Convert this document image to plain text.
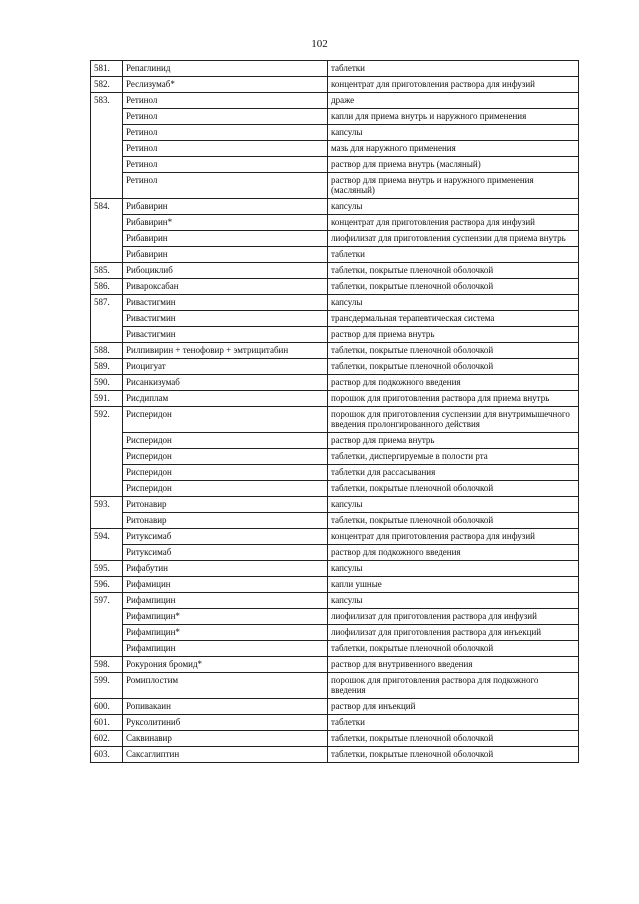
102
581.	Репаглинид	таблетки
582.	Реслизумаб*	концентрат для приготовления раствора для инфузий
583.	Ретинол	драже
	Ретинол	капли для приема внутрь и наружного применения
	Ретинол	капсулы
	Ретинол	мазь для наружного применения
	Ретинол	раствор для приема внутрь (масляный)
	Ретинол	раствор для приема внутрь и наружного применения (масляный)
584.	Рибавирин	капсулы
	Рибавирин*	концентрат для приготовления раствора для инфузий
	Рибавирин	лиофилизат для приготовления суспензии для приема внутрь
	Рибавирин	таблетки
585.	Рибоциклиб	таблетки, покрытые пленочной оболочкой
586.	Ривароксабан	таблетки, покрытые пленочной оболочкой
587.	Ривастигмин	капсулы
	Ривастигмин	трансдермальная терапевтическая система
	Ривастигмин	раствор для приема внутрь
588.	Рилпивирин + тенофовир + эмтрицитабин	таблетки, покрытые пленочной оболочкой
589.	Риоцигуат	таблетки, покрытые пленочной оболочкой
590.	Рисанкизумаб	раствор для подкожного введения
591.	Рисдиплам	порошок для приготовления раствора для приема внутрь
592.	Рисперидон	порошок для приготовления суспензии для внутримышечного введения пролонгированного действия
	Рисперидон	раствор для приема внутрь
	Рисперидон	таблетки, диспергируемые в полости рта
	Рисперидон	таблетки для рассасывания
	Рисперидон	таблетки, покрытые пленочной оболочкой
593.	Ритонавир	капсулы
	Ритонавир	таблетки, покрытые пленочной оболочкой
594.	Ритуксимаб	концентрат для приготовления раствора для инфузий
	Ритуксимаб	раствор для подкожного введения
595.	Рифабутин	капсулы
596.	Рифамицин	капли ушные
597.	Рифампицин	капсулы
	Рифампицин*	лиофилизат для приготовления раствора для инфузий
	Рифампицин*	лиофилизат для приготовления раствора для инъекций
	Рифампицин	таблетки, покрытые пленочной оболочкой
598.	Рокурония бромид*	раствор для внутривенного введения
599.	Ромиплостим	порошок для приготовления раствора для подкожного введения
600.	Ропивакаин	раствор для инъекций
601.	Руксолитиниб	таблетки
602.	Саквинавир	таблетки, покрытые пленочной оболочкой
603.	Саксаглиптин	таблетки, покрытые пленочной оболочкой
